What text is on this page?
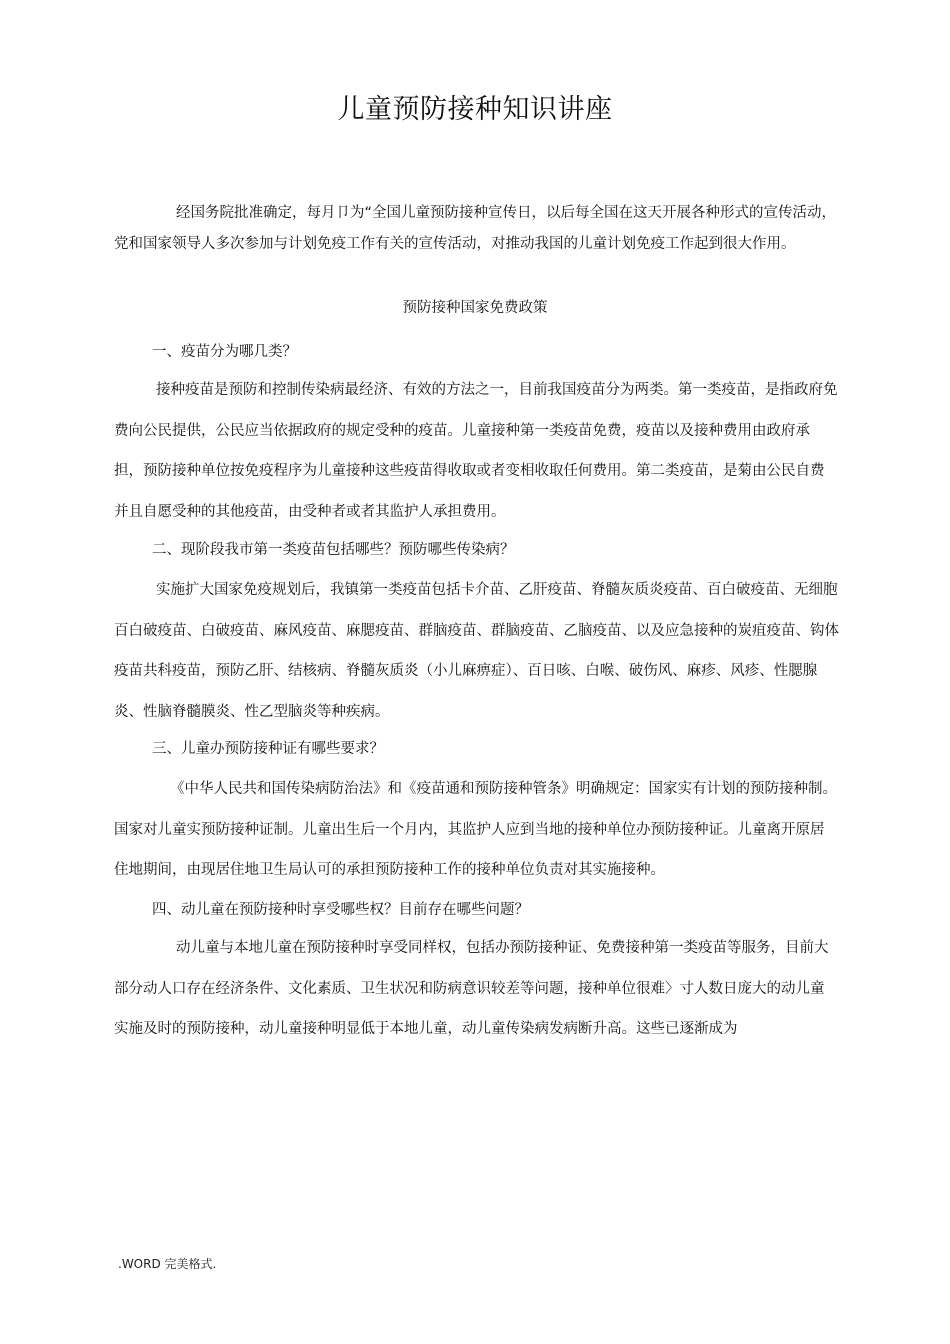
儿童预防接种知识讲座

经国务院批准确定，每月卩为“全国儿童预防接种宣传日，以后每全国在这天开展各种形式的宣传活动，党和国家领导人多次参加与计划免疫工作有关的宣传活动，对推动我国的儿童计划免疫工作起到很大作用。

预防接种国家免费政策

一、疫苗分为哪几类？

接种疫苗是预防和控制传染病最经济、有效的方法之一，目前我国疫苗分为两类。第一类疫苗，是指政府免费向公民提供，公民应当依据政府的规定受种的疫苗。儿童接种第一类疫苗免费，疫苗以及接种费用由政府承担，预防接种单位按免疫程序为儿童接种这些疫苗得收取或者变相收取任何费用。第二类疫苗，是菊由公民自费并且自愿受种的其他疫苗，由受种者或者其监护人承担费用。

二、现阶段我市第一类疫苗包括哪些？预防哪些传染病？

实施扩大国家免疫规划后，我镇第一类疫苗包括卡介苗、乙肝疫苗、脊髓灰质炎疫苗、百白破疫苗、无细胞百白破疫苗、白破疫苗、麻风疫苗、麻腮疫苗、群脑疫苗、群脑疫苗、乙脑疫苗、以及应急接种的炭疽疫苗、钩体疫苗共科疫苗，预防乙肝、结核病、脊髓灰质炎（小儿麻痹症）、百日咳、白喉、破伤风、麻疹、风疹、性腮腺炎、性脑脊髓膜炎、性乙型脑炎等种疾病。

三、儿童办预防接种证有哪些要求？

《中华人民共和国传染病防治法》和《疫苗通和预防接种管条》明确规定：国家实有计划的预防接种制。国家对儿童实预防接种证制。儿童出生后一个月内，其监护人应到当地的接种单位办预防接种证。儿童离开原居住地期间，由现居住地卫生局认可的承担预防接种工作的接种单位负责对其实施接种。

四、动儿童在预防接种时享受哪些权？目前存在哪些问题？

动儿童与本地儿童在预防接种时享受同样权，包括办预防接种证、免费接种第一类疫苗等服务，目前大部分动人口存在经济条件、文化素质、卫生状况和防病意识较差等问题，接种单位很难〉寸人数日庞大的动儿童实施及时的预防接种，动儿童接种明显低于本地儿童，动儿童传染病发病断升高。这些已逐渐成为

.WORD 完美格式.
